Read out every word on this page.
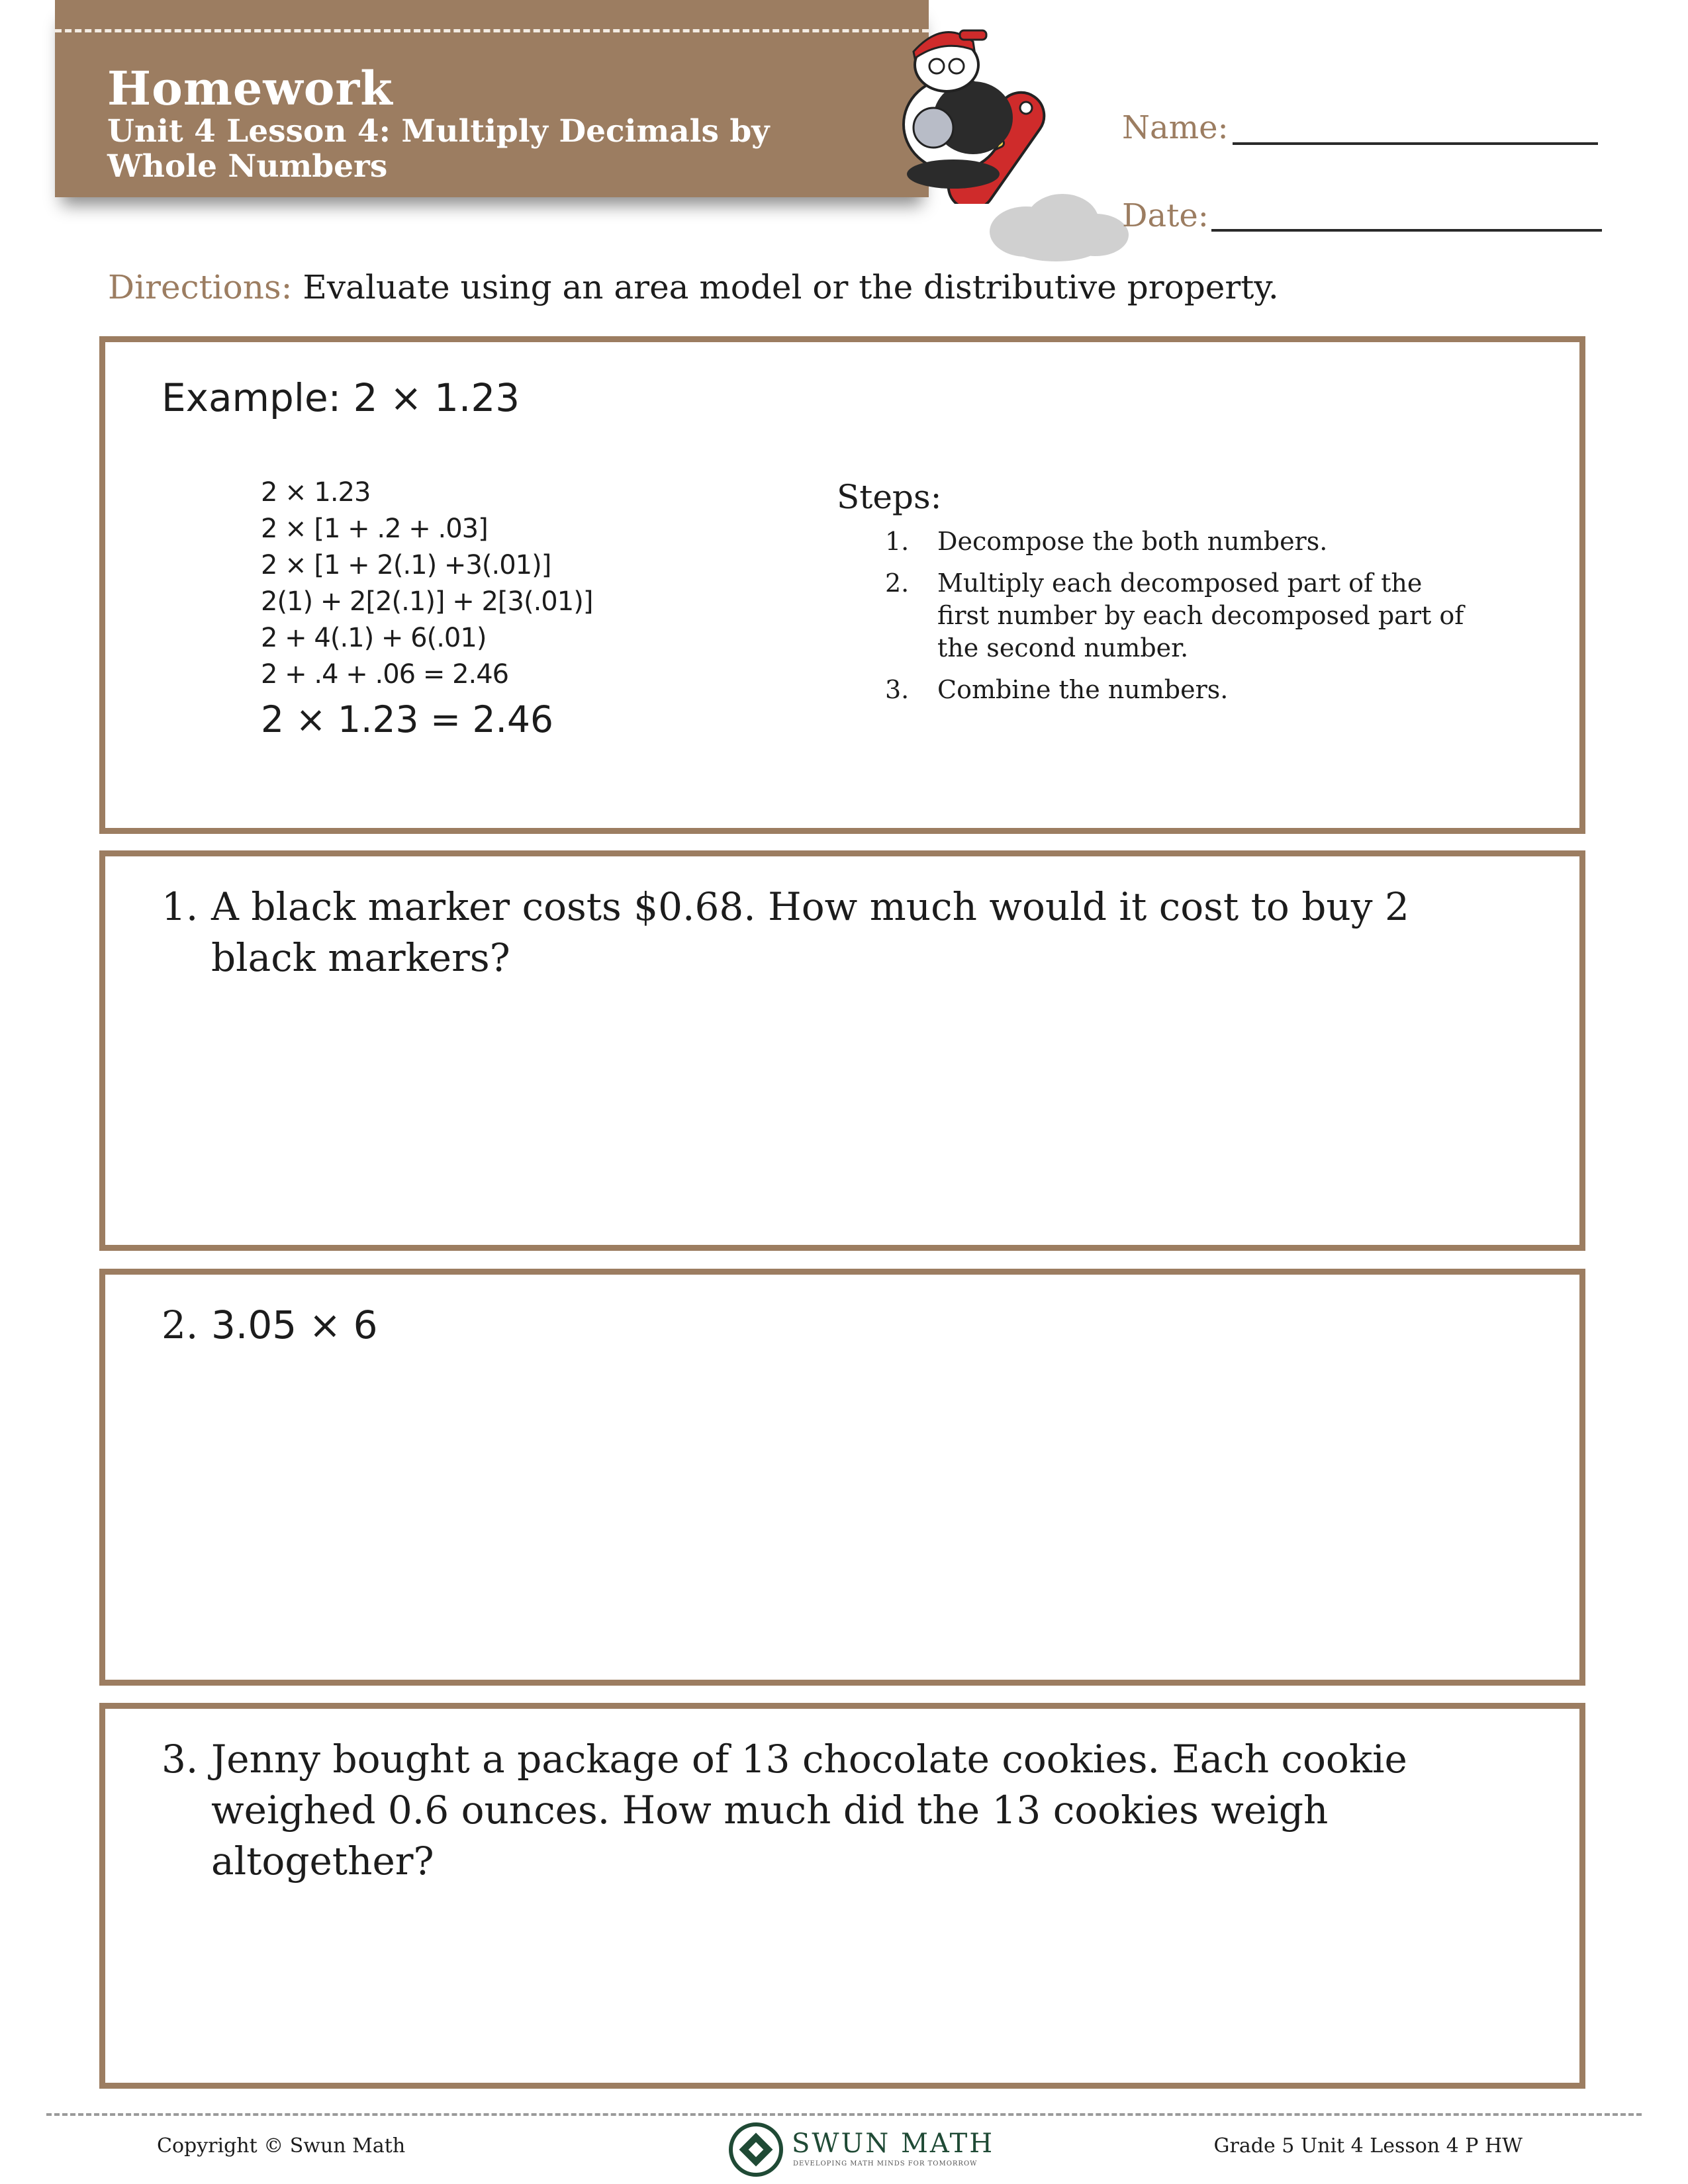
Homework
Unit 4 Lesson 4: Multiply Decimals by Whole Numbers
Name:
Date:
Directions: Evaluate using an area model or the distributive property.
Example: 2 × 1.23
2 × 1.23
2 × [1 + .2 + .03]
2 × [1 + 2(.1) +3(.01)]
2(1) + 2[2(.1)] + 2[3(.01)]
2 + 4(.1) + 6(.01)
2 + .4 + .06 = 2.46
2 × 1.23 = 2.46
Steps:
1. Decompose the both numbers.
2. Multiply each decomposed part of the first number by each decomposed part of the second number.
3. Combine the numbers.
1. A black marker costs $0.68. How much would it cost to buy 2 black markers?
2. 3.05 × 6
3. Jenny bought a package of 13 chocolate cookies. Each cookie weighed 0.6 ounces. How much did the 13 cookies weigh altogether?
Copyright © Swun Math	SWUN MATH
DEVELOPING MATH MINDS FOR TOMORROW
Grade 5 Unit 4 Lesson 4 P HW
